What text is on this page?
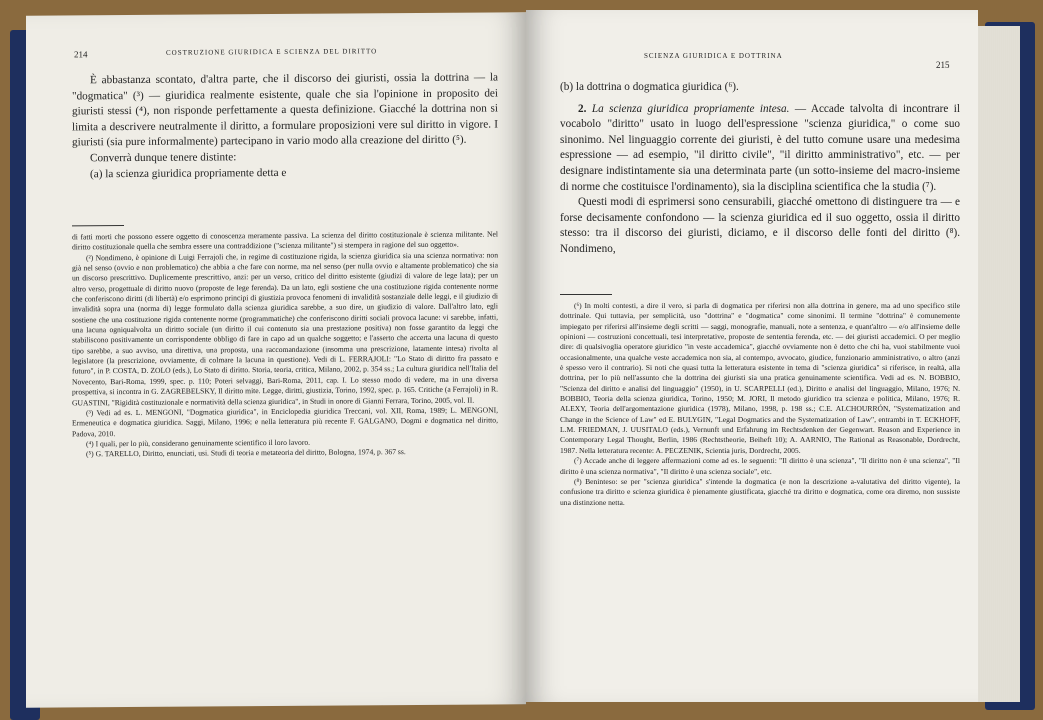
214	COSTRUZIONE GIURIDICA E SCIENZA DEL DIRITTO

È abbastanza scontato, d'altra parte, che il discorso dei giuristi, ossia la dottrina — la "dogmatica" (³) — giuridica realmente esistente, quale che sia l'opinione in proposito dei giuristi stessi (⁴), non risponde perfettamente a questa definizione. Giacché la dottrina non si limita a descrivere neutralmente il diritto, a formulare proposizioni vere sul diritto in vigore. I giuristi (sia pure informalmente) partecipano in vario modo alla creazione del diritto (⁵).

Converrà dunque tenere distinte:

(a) la scienza giuridica propriamente detta e

di fatti morti che possono essere oggetto di conoscenza meramente passiva. La scienza del diritto costituzionale è scienza militante. Nel diritto costituzionale quella che sembra essere una contraddizione ("scienza militante") si stempera in ragione del suo oggetto».

(²) Nondimeno, è opinione di Luigi Ferrajoli che, in regime di costituzione rigida, la scienza giuridica sia una scienza normativa: non già nel senso (ovvio e non problematico) che abbia a che fare con norme, ma nel senso (per nulla ovvio e altamente problematico) che sia un discorso prescrittivo. Duplicemente prescrittivo, anzi: per un verso, critico del diritto esistente (giudizi di valore de lege lata); per un altro verso, progettuale di diritto nuovo (proposte de lege ferenda). Da un lato, egli sostiene che una costituzione rigida contenente norme che conferiscono diritti (di libertà) e/o esprimono principi di giustizia provoca fenomeni di invalidità sostanziale delle leggi, e il giudizio di invalidità sopra una (norma di) legge formulato dalla scienza giuridica sarebbe, a suo dire, un giudizio di valore. Dall'altro lato, egli sostiene che una costituzione rigida contenente norme (programmatiche) che conferiscono diritti sociali provoca lacune: vi sarebbe, infatti, una lacuna ogniqualvolta un diritto sociale (un diritto il cui contenuto sia una prestazione positiva) non fosse garantito da leggi che stabiliscono positivamente un corrispondente obbligo di fare in capo ad un qualche soggetto; e l'asserto che accerta una lacuna di questo tipo sarebbe, a suo avviso, una direttiva, una proposta, una raccomandazione (insomma una prescrizione, latamente intesa) rivolta al legislatore (la prescrizione, ovviamente, di colmare la lacuna in questione). Vedi di L. FERRAJOLI: "Lo Stato di diritto fra passato e futuro", in P. COSTA, D. ZOLO (eds.), Lo Stato di diritto. Storia, teoria, critica, Milano, 2002, p. 354 ss.; La cultura giuridica nell'Italia del Novecento, Bari-Roma, 1999, spec. p. 110; Poteri selvaggi, Bari-Roma, 2011, cap. I. Lo stesso modo di vedere, ma in una diversa prospettiva, si incontra in G. ZAGREBELSKY, Il diritto mite. Legge, diritti, giustizia, Torino, 1992, spec. p. 165. Critiche (a Ferrajoli) in R. GUASTINI, "Rigidità costituzionale e normatività della scienza giuridica", in Studi in onore di Gianni Ferrara, Torino, 2005, vol. II.

(³) Vedi ad es. L. MENGONI, "Dogmatica giuridica", in Enciclopedia giuridica Treccani, vol. XII, Roma, 1989; L. MENGONI, Ermeneutica e dogmatica giuridica. Saggi, Milano, 1996; e nella letteratura più recente F. GALGANO, Dogmi e dogmatica nel diritto, Padova, 2010.

(⁴) I quali, per lo più, considerano genuinamente scientifico il loro lavoro.

(⁵) G. TARELLO, Diritto, enunciati, usi. Studi di teoria e metateoria del diritto, Bologna, 1974, p. 367 ss.

SCIENZA GIURIDICA E DOTTRINA
215

(b) la dottrina o dogmatica giuridica (⁶).

2. La scienza giuridica propriamente intesa. — Accade talvolta di incontrare il vocabolo "diritto" usato in luogo dell'espressione "scienza giuridica," o come suo sinonimo. Nel linguaggio corrente dei giuristi, è del tutto comune usare una medesima espressione — ad esempio, "il diritto civile", "il diritto amministrativo", etc. — per designare indistintamente sia una determinata parte (un sotto-insieme del macro-insieme di norme che costituisce l'ordinamento), sia la disciplina scientifica che la studia (⁷).

Questi modi di esprimersi sono censurabili, giacché omettono di distinguere tra — e forse decisamente confondono — la scienza giuridica ed il suo oggetto, ossia il diritto stesso: tra il discorso dei giuristi, diciamo, e il discorso delle fonti del diritto (⁸). Nondimeno,

(⁶) In molti contesti, a dire il vero, si parla di dogmatica per riferirsi non alla dottrina in genere, ma ad uno specifico stile dottrinale. Qui tuttavia, per semplicità, uso "dottrina" e "dogmatica" come sinonimi. Il termine "dottrina" è comunemente impiegato per riferirsi all'insieme degli scritti — saggi, monografie, manuali, note a sentenza, e quant'altro — e/o all'insieme delle opinioni — costruzioni concettuali, tesi interpretative, proposte de sententia ferenda, etc. — dei giuristi accademici. O per meglio dire: di qualsivoglia operatore giuridico "in veste accademica", giacché ovviamente non è detto che chi ha, vuoi stabilmente vuoi occasionalmente, una qualche veste accademica non sia, al contempo, avvocato, giudice, funzionario amministrativo, o altro (anzi è spesso vero il contrario). Si noti che quasi tutta la letteratura esistente in tema di "scienza giuridica" si riferisce, in realtà, alla dottrina, per lo più nell'assunto che la dottrina dei giuristi sia una pratica genuinamente scientifica. Vedi ad es. N. BOBBIO, "Scienza del diritto e analisi del linguaggio" (1950), in U. SCARPELLI (ed.), Diritto e analisi del linguaggio, Milano, 1976; N. BOBBIO, Teoria della scienza giuridica, Torino, 1950; M. JORI, Il metodo giuridico tra scienza e politica, Milano, 1976; R. ALEXY, Teoria dell'argomentazione giuridica (1978), Milano, 1998, p. 198 ss.; C.E. ALCHOURRÓN, "Systematization and Change in the Science of Law" ed E. BULYGIN, "Legal Dogmatics and the Systematization of Law", entrambi in T. ECKHOFF, L.M. FRIEDMAN, J. UUSITALO (eds.), Vernunft und Erfahrung im Rechtsdenken der Gegenwart. Reason and Experience in Contemporary Legal Thought, Berlin, 1986 (Rechtstheorie, Beiheft 10); A. AARNIO, The Rational as Reasonable, Dordrecht, 1987. Nella letteratura recente: A. PECZENIK, Scientia juris, Dordrecht, 2005.

(⁷) Accade anche di leggere affermazioni come ad es. le seguenti: "Il diritto è una scienza", "Il diritto non è una scienza", "Il diritto è una scienza normativa", "Il diritto è una scienza sociale", etc.

(⁸) Beninteso: se per "scienza giuridica" s'intende la dogmatica (e non la descrizione a-valutativa del diritto vigente), la confusione tra diritto e scienza giuridica è pienamente giustificata, giacché tra diritto e dogmatica, come ora diremo, non sussiste una distinzione netta.
